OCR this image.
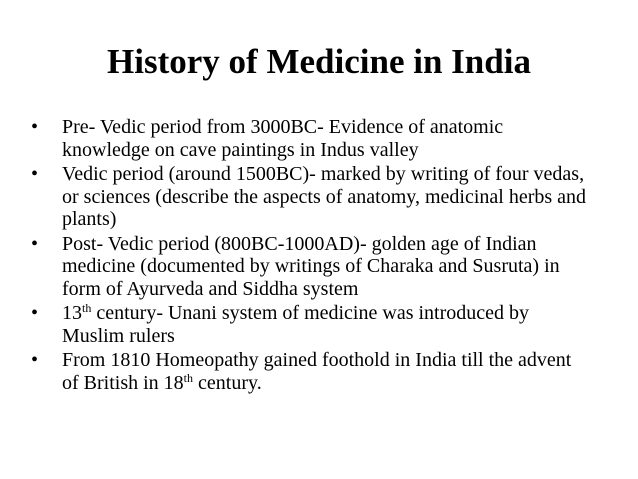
History of Medicine in India
• Pre- Vedic period from 3000BC- Evidence of anatomic knowledge on cave paintings in Indus valley
• Vedic period (around 1500BC)- marked by writing of four vedas, or sciences (describe the aspects of anatomy, medicinal herbs and plants)
• Post- Vedic period (800BC-1000AD)- golden age of Indian medicine (documented by writings of Charaka and Susruta) in form of Ayurveda and Siddha system
• 13th century- Unani system of medicine was introduced by Muslim rulers
• From 1810 Homeopathy gained foothold in India till the advent of British in 18th century.
